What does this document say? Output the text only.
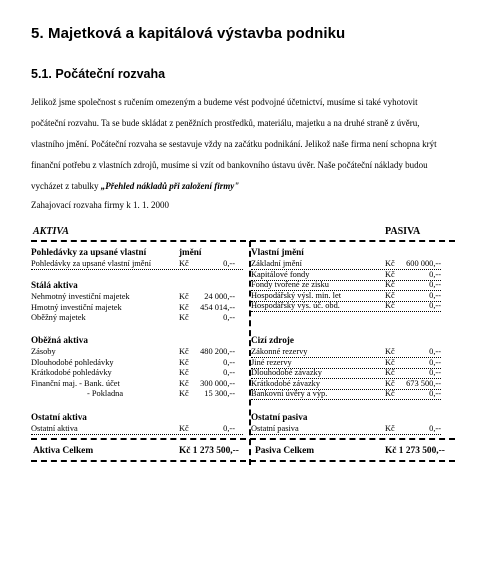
5. Majetková a kapitálová výstavba podniku
5.1. Počáteční rozvaha

Jelikož jsme společnost s ručením omezeným a budeme vést podvojné účetnictví, musíme si také vyhotovit

počáteční rozvahu. Ta se bude skládat z peněžních prostředků, materiálu, majetku a na druhé straně z úvěru,

vlastního jmění. Počáteční rozvaha se sestavuje vždy na začátku podnikání. Jelikož naše firma není schopna krýt

finanční potřebu z vlastních zdrojů, musíme si vzít od bankovního ústavu úvěr. Naše počáteční náklady budou

vycházet z tabulky „Přehled nákladů při založení firmy"

Zahajovací rozvaha firmy k 1. 1. 2000
AKTIVA	PASIVA
Pohledávky za upsané vlastní	jmění
Pohledávky za upsané vlastní jmění	Kč	0,--
Stálá aktiva
Nehmotný investiční majetek	Kč 24 000,--
Hmotný investiční majetek	Kč 454 014,--
Oběžný majetek	Kč	0,--
Oběžná aktiva
Zásoby	Kč 480 200,--
Dlouhodobé pohledávky	Kč	0,--
Krátkodobé pohledávky	Kč	0,--
Finanční maj. - Bank. účet	Kč 300 000,--
- Pokladna	Kč 15 300,--
Ostatní aktiva
Ostatní aktiva	Kč	0,--
Aktiva Celkem	Kč 1 273 500,--
Vlastní jmění
Základní jmění	Kč 600 000,--
Kapitálové fondy	Kč	0,--
Fondy tvořené ze zisku	Kč	0,--
Hospodářský výsl. min. let	Kč	0,--
Hospodářský výs. úč. obd.	Kč	0,--
Cizí zdroje
Zákonné rezervy	Kč	0,--
Jiné rezervy	Kč	0,--
Dlouhodobé závazky	Kč	0,--
Krátkodobé závazky	Kč 673 500,--
Bankovní úvěry a výp.	Kč	0,--
Ostatní pasiva
Ostatní pasiva	Kč	0,--
Pasiva Celkem	Kč 1 273 500,--
